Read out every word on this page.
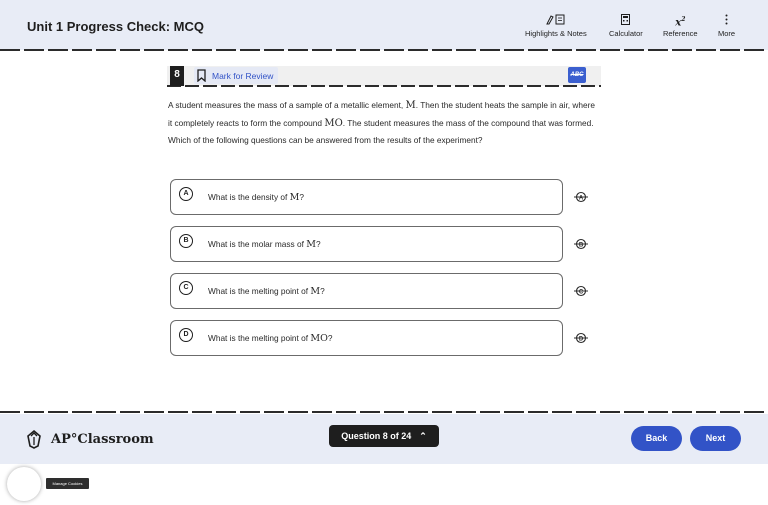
Unit 1 Progress Check: MCQ	Highlights & Notes	Calculator
$x^2$
Reference	More
8	Mark for Review	ABC

A student measures the mass of a sample of a metallic element, M. Then the student heats the sample in air, where it completely reacts to form the compound MO. The student measures the mass of the compound that was formed. Which of the following questions can be answered from the results of the experiment?

A	What is the density of M?	A
B	What is the molar mass of M?	B
C	What is the melting point of M?	C
D	What is the melting point of MO?	D
AP°Classroom	Question 8 of 24 ⌃	Back	Next
Manage Cookies
